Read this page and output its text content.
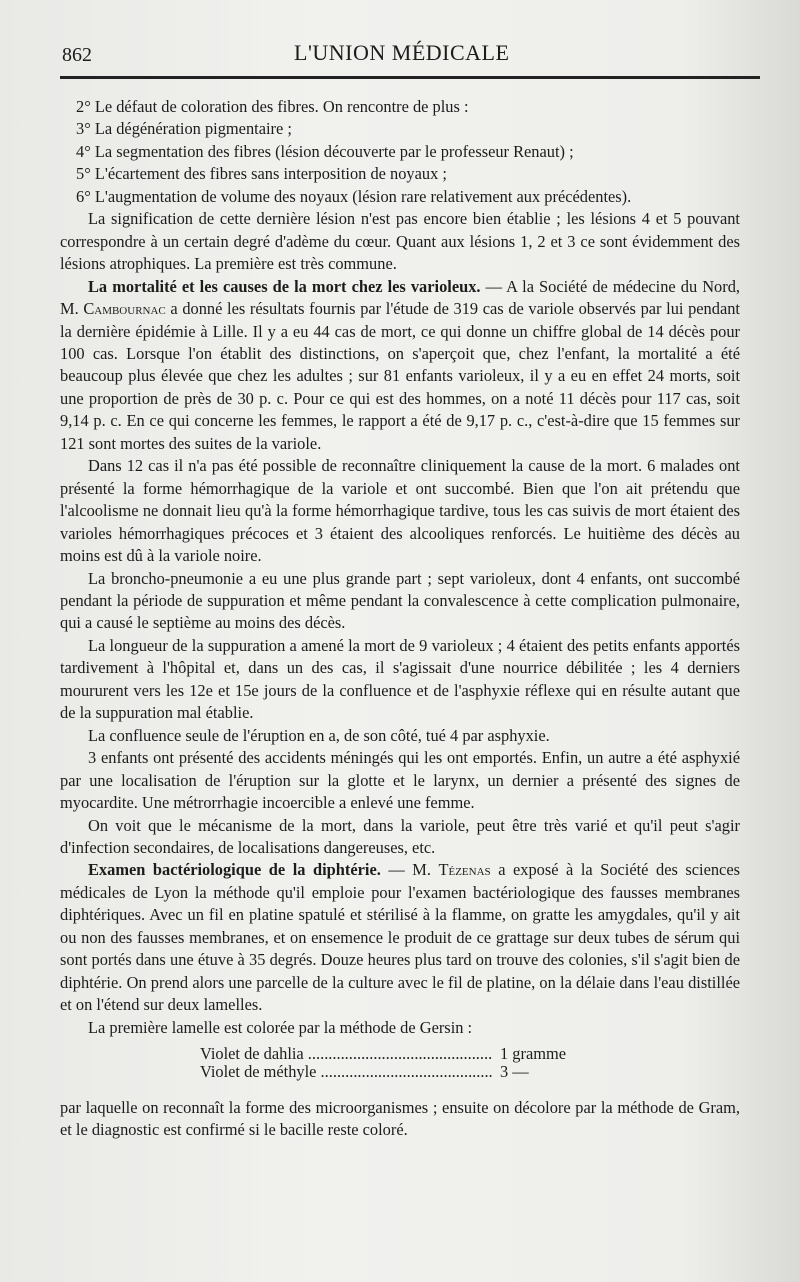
862	L'UNION MÉDICALE

2° Le défaut de coloration des fibres. On rencontre de plus :

3° La dégénération pigmentaire ;

4° La segmentation des fibres (lésion découverte par le professeur Renaut) ;

5° L'écartement des fibres sans interposition de noyaux ;

6° L'augmentation de volume des noyaux (lésion rare relativement aux précédentes).

La signification de cette dernière lésion n'est pas encore bien établie ; les lésions 4 et 5 pouvant correspondre à un certain degré d'adème du cœur. Quant aux lésions 1, 2 et 3 ce sont évidemment des lésions atrophiques. La première est très commune.

La mortalité et les causes de la mort chez les varioleux. — A la Société de médecine du Nord, M. Cambournac a donné les résultats fournis par l'étude de 319 cas de variole observés par lui pendant la dernière épidémie à Lille. Il y a eu 44 cas de mort, ce qui donne un chiffre global de 14 décès pour 100 cas. Lorsque l'on établit des distinctions, on s'aperçoit que, chez l'enfant, la mortalité a été beaucoup plus élevée que chez les adultes ; sur 81 enfants varioleux, il y a eu en effet 24 morts, soit une proportion de près de 30 p. c. Pour ce qui est des hommes, on a noté 11 décès pour 117 cas, soit 9,14 p. c. En ce qui concerne les femmes, le rapport a été de 9,17 p. c., c'est-à-dire que 15 femmes sur 121 sont mortes des suites de la variole.

Dans 12 cas il n'a pas été possible de reconnaître cliniquement la cause de la mort. 6 malades ont présenté la forme hémorrhagique de la variole et ont succombé. Bien que l'on ait prétendu que l'alcoolisme ne donnait lieu qu'à la forme hémorrhagique tardive, tous les cas suivis de mort étaient des varioles hémorrhagiques précoces et 3 étaient des alcooliques renforcés. Le huitième des décès au moins est dû à la variole noire.

La broncho-pneumonie a eu une plus grande part ; sept varioleux, dont 4 enfants, ont succombé pendant la période de suppuration et même pendant la convalescence à cette complication pulmonaire, qui a causé le septième au moins des décès.

La longueur de la suppuration a amené la mort de 9 varioleux ; 4 étaient des petits enfants apportés tardivement à l'hôpital et, dans un des cas, il s'agissait d'une nourrice débilitée ; les 4 derniers moururent vers les 12e et 15e jours de la confluence et de l'asphyxie réflexe qui en résulte autant que de la suppuration mal établie.

La confluence seule de l'éruption en a, de son côté, tué 4 par asphyxie.

3 enfants ont présenté des accidents méningés qui les ont emportés. Enfin, un autre a été asphyxié par une localisation de l'éruption sur la glotte et le larynx, un dernier a présenté des signes de myocardite. Une métrorrhagie incoercible a enlevé une femme.

On voit que le mécanisme de la mort, dans la variole, peut être très varié et qu'il peut s'agir d'infection secondaires, de localisations dangereuses, etc.

Examen bactériologique de la diphtérie. — M. Tézenas a exposé à la Société des sciences médicales de Lyon la méthode qu'il emploie pour l'examen bactériologique des fausses membranes diphtériques. Avec un fil en platine spatulé et stérilisé à la flamme, on gratte les amygdales, qu'il y ait ou non des fausses membranes, et on ensemence le produit de ce grattage sur deux tubes de sérum qui sont portés dans une étuve à 35 degrés. Douze heures plus tard on trouve des colonies, s'il s'agit bien de diphtérie. On prend alors une parcelle de la culture avec le fil de platine, on la délaie dans l'eau distillée et on l'étend sur deux lamelles.

La première lamelle est colorée par la méthode de Gersin :

Violet de dahlia .....	1 gramme
Violet de méthyle .....	3 —

par laquelle on reconnaît la forme des microorganismes ; ensuite on décolore par la méthode de Gram, et le diagnostic est confirmé si le bacille reste coloré.
